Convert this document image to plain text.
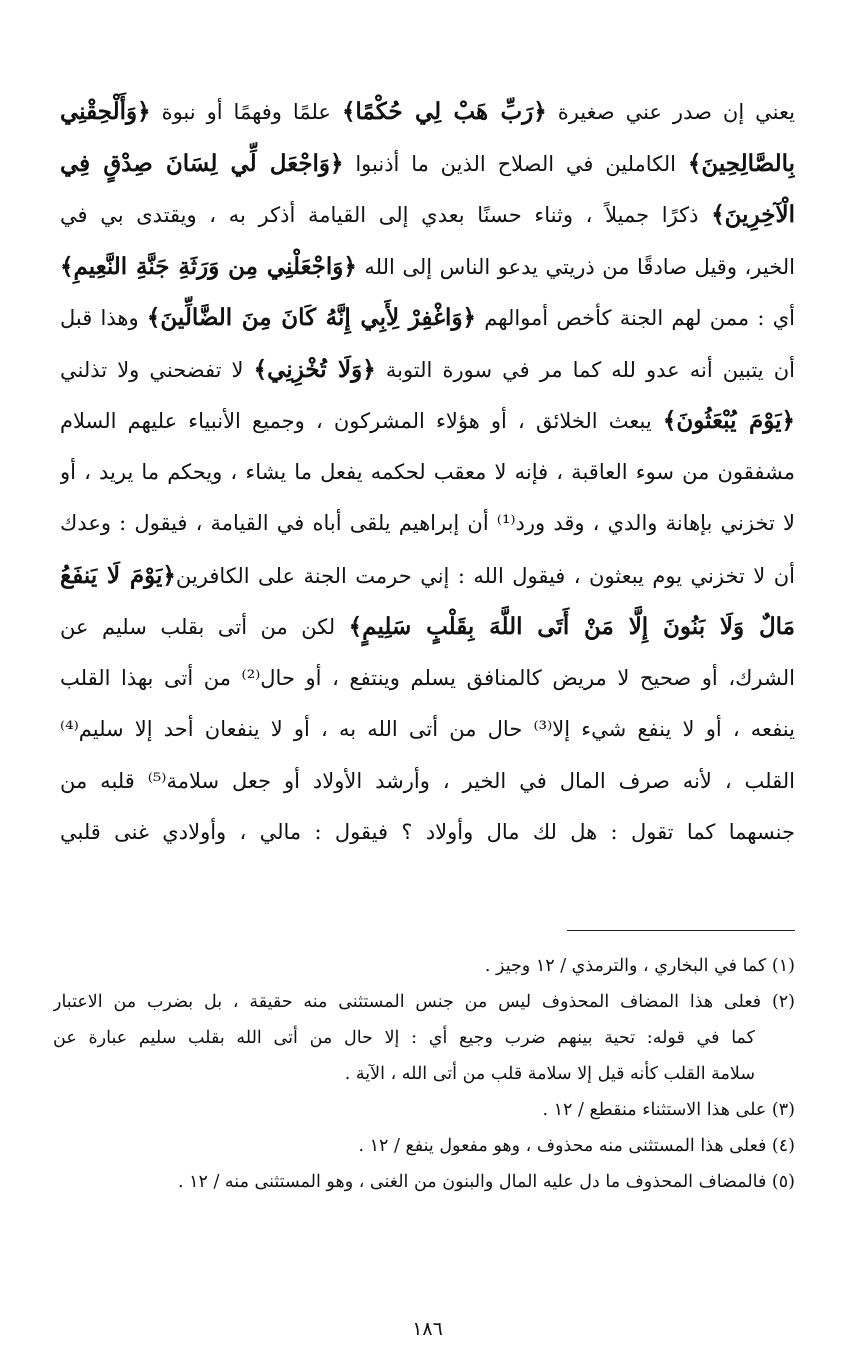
يعني إن صدر عني صغيرة ﴿رَبِّ هَبْ لِي حُكْمًا﴾ علمًا وفهمًا أو نبوة ﴿وَأَلْحِقْنِي
بِالصَّالِحِينَ﴾ الكاملين في الصلاح الذين ما أذنبوا ﴿وَاجْعَل لِّي لِسَانَ صِدْقٍ فِي
الْآخِرِينَ﴾ ذكرًا جميلاً ، وثناء حسنًا بعدي إلى القيامة أذكر به ، ويقتدى بي في
الخير، وقيل صادقًا من ذريتي يدعو الناس إلى الله ﴿وَاجْعَلْنِي مِن وَرَثَةِ جَنَّةِ النَّعِيمِ﴾
أي : ممن لهم الجنة كأخص أموالهم ﴿وَاغْفِرْ لِأَبِي إِنَّهُ كَانَ مِنَ الضَّالِّينَ﴾ وهذا قبل
أن يتبين أنه عدو لله كما مر في سورة التوبة ﴿وَلَا تُخْزِنِي﴾ لا تفضحني ولا تذلني
﴿يَوْمَ يُبْعَثُونَ﴾ يبعث الخلائق ، أو هؤلاء المشركون ، وجميع الأنبياء عليهم السلام
مشفقون من سوء العاقبة ، فإنه لا معقب لحكمه يفعل ما يشاء ، ويحكم ما يريد ، أو
لا تخزني بإهانة والدي ، وقد ورد⁽¹⁾ أن إبراهيم يلقى أباه في القيامة ، فيقول : وعدك
أن لا تخزني يوم يبعثون ، فيقول الله : إني حرمت الجنة على الكافرين﴿يَوْمَ لَا يَنفَعُ
مَالٌ وَلَا بَنُونَ إِلَّا مَنْ أَتَى اللَّهَ بِقَلْبٍ سَلِيمٍ﴾ لكن من أتى بقلب سليم عن
الشرك، أو صحيح لا مريض كالمنافق يسلم وينتفع ، أو حال⁽²⁾ من أتى بهذا القلب
ينفعه ، أو لا ينفع شيء إلا⁽³⁾ حال من أتى الله به ، أو لا ينفعان أحد إلا سليم⁽⁴⁾
القلب ، لأنه صرف المال في الخير ، وأرشد الأولاد أو جعل سلامة⁽⁵⁾ قلبه من
جنسهما كما تقول : هل لك مال وأولاد ؟ فيقول : مالي ، وأولادي غنى قلبي
(١) كما في البخاري ، والترمذي / ١٢ وجيز .
(٢) فعلى هذا المضاف المحذوف ليس من جنس المستثنى منه حقيقة ، بل بضرب من الاعتبار
كما في قوله: تحية بينهم ضرب وجيع أي : إلا حال من أتى الله بقلب سليم عبارة عن
سلامة القلب كأنه قيل إلا سلامة قلب من أتى الله ، الآية .
(٣) على هذا الاستثناء منقطع / ١٢ .
(٤) فعلى هذا المستثنى منه محذوف ، وهو مفعول ينفع / ١٢ .
(٥) فالمضاف المحذوف ما دل عليه المال والبنون من الغنى ، وهو المستثنى منه / ١٢ .
١٨٦
